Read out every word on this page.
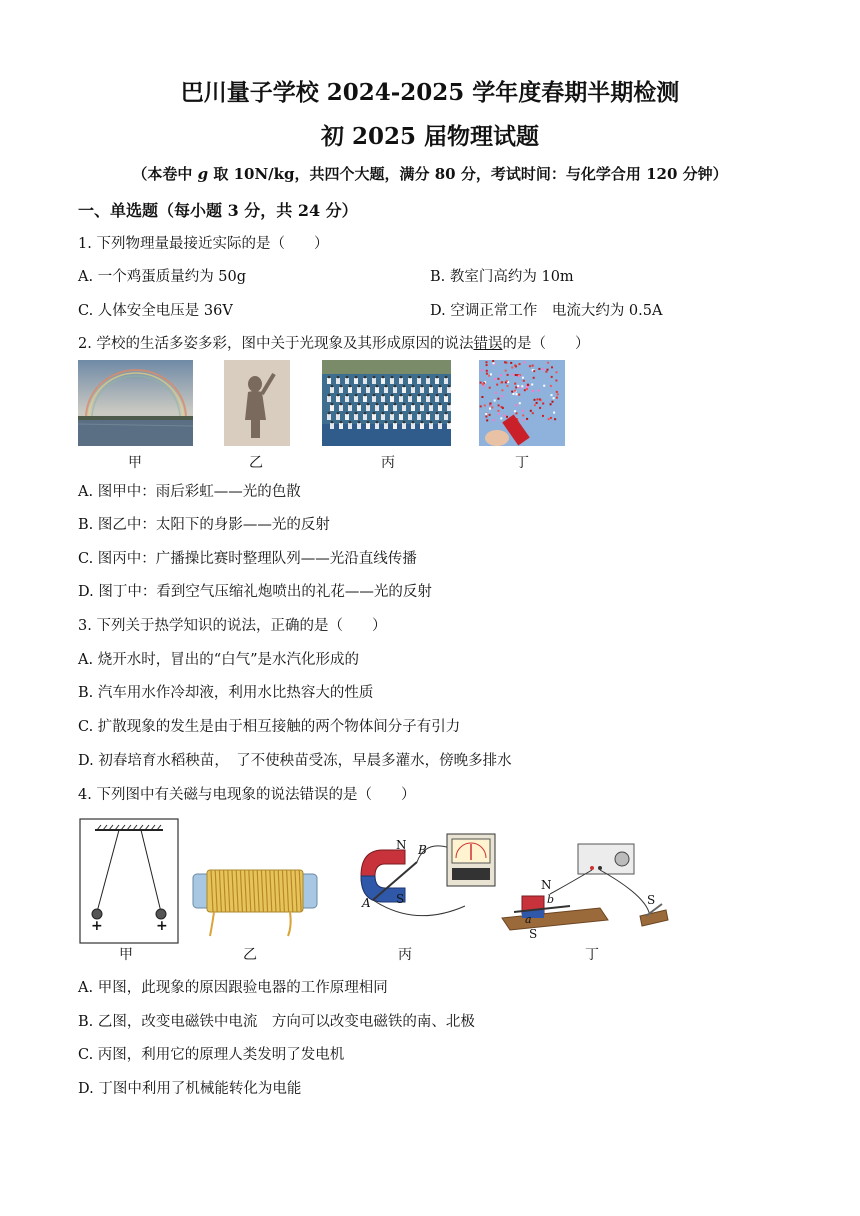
巴川量子学校 2024-2025 学年度春期半期检测
初 2025 届物理试题
（本卷中 g 取 10N/kg，共四个大题，满分 80 分，考试时间：与化学合用 120 分钟）
一、单选题（每小题 3 分，共 24 分）
1. 下列物理量最接近实际的是（　　）
A. 一个鸡蛋质量约为 50g	B. 教室门高约为 10m
C. 人体安全电压是 36V	D. 空调正常工作　电流大约为 0.5A
2. 学校的生活多姿多彩，图中关于光现象及其形成原因的说法错误的是（　　）
甲	乙	丙	丁
A. 图甲中：雨后彩虹——光的色散
B. 图乙中：太阳下的身影——光的反射
C. 图丙中：广播操比赛时整理队列——光沿直线传播
D. 图丁中：看到空气压缩礼炮喷出的礼花——光的反射
3. 下列关于热学知识的说法，正确的是（　　）
A. 烧开水时，冒出的“白气”是水汽化形成的
B. 汽车用水作冷却液，利用水比热容大的性质
C. 扩散现象的发生是由于相互接触的两个物体间分子有引力
D. 初春培育水稻秧苗，　了不使秧苗受冻，早晨多灌水，傍晚多排水
4. 下列图中有关磁与电现象的说法错误的是（　　）
+	+
N
S
A
B
N
S
b
a
S
甲	乙	丙	丁
A. 甲图，此现象的原因跟验电器的工作原理相同
B. 乙图，改变电磁铁中电流　方向可以改变电磁铁的南、北极
C. 丙图，利用它的原理人类发明了发电机
D. 丁图中利用了机械能转化为电能
